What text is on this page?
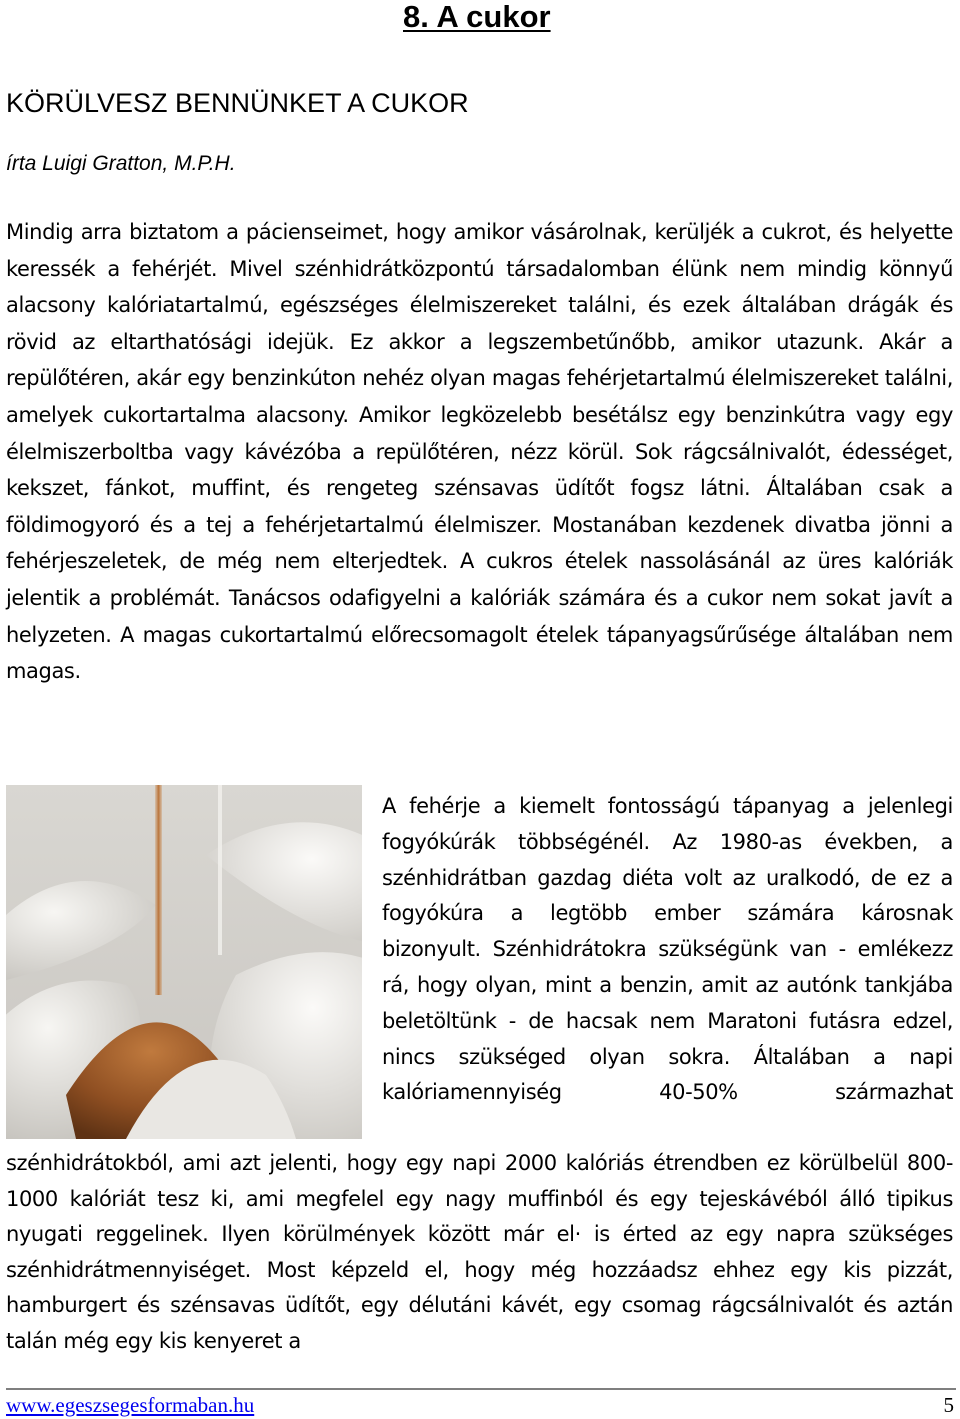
8. A cukor
KÖRÜLVESZ BENNÜNKET A CUKOR

írta Luigi Gratton, M.P.H.

Mindig arra biztatom a pácienseimet, hogy amikor vásárolnak, kerüljék a cukrot, és helyette keressék a fehérjét. Mivel szénhidrátközpontú társadalomban élünk nem mindig könnyű alacsony kalóriatartalmú, egészséges élelmiszereket találni, és ezek általában drágák és rövid az eltarthatósági idejük. Ez akkor a legszembetűnőbb, amikor utazunk. Akár a repülőtéren, akár egy benzinkúton nehéz olyan magas fehérjetartalmú élelmiszereket találni, amelyek cukortartalma alacsony. Amikor legközelebb besétálsz egy benzinkútra vagy egy élelmiszerboltba vagy kávézóba a repülőtéren, nézz körül. Sok rágcsálnivalót, édességet, kekszet, fánkot, muffint, és rengeteg szénsavas üdítőt fogsz látni. Általában csak a földimogyoró és a tej a fehérjetartalmú élelmiszer. Mostanában kezdenek divatba jönni a fehérjeszeletek, de még nem elterjedtek. A cukros ételek nassolásánál az üres kalóriák jelentik a problémát. Tanácsos odafigyelni a kalóriák számára és a cukor nem sokat javít a helyzeten. A magas cukortartalmú előrecsomagolt ételek tápanyagsűrűsége általában nem magas.

A fehérje a kiemelt fontosságú tápanyag a jelenlegi fogyókúrák többségénél. Az 1980-as években, a szénhidrátban gazdag diéta volt az uralkodó, de ez a fogyókúra a legtöbb ember számára károsnak bizonyult. Szénhidrátokra szükségünk van - emlékezz rá, hogy olyan, mint a benzin, amit az autónk tankjába beletöltünk - de hacsak nem Maratoni futásra edzel, nincs szükséged olyan sokra. Általában a napi kalóriamennyiség 40-50% származhat

szénhidrátokból, ami azt jelenti, hogy egy napi 2000 kalóriás étrendben ez körülbelül 800-1000 kalóriát tesz ki, ami megfelel egy nagy muffinból és egy tejeskávéból álló tipikus nyugati reggelinek. Ilyen körülmények között már el· is érted az egy napra szükséges szénhidrátmennyiséget. Most képzeld el, hogy még hozzáadsz ehhez egy kis pizzát, hamburgert és szénsavas üdítőt, egy délutáni kávét, egy csomag rágcsálnivalót és aztán talán még egy kis kenyeret a

www.egeszsegesformaban.hu	5
